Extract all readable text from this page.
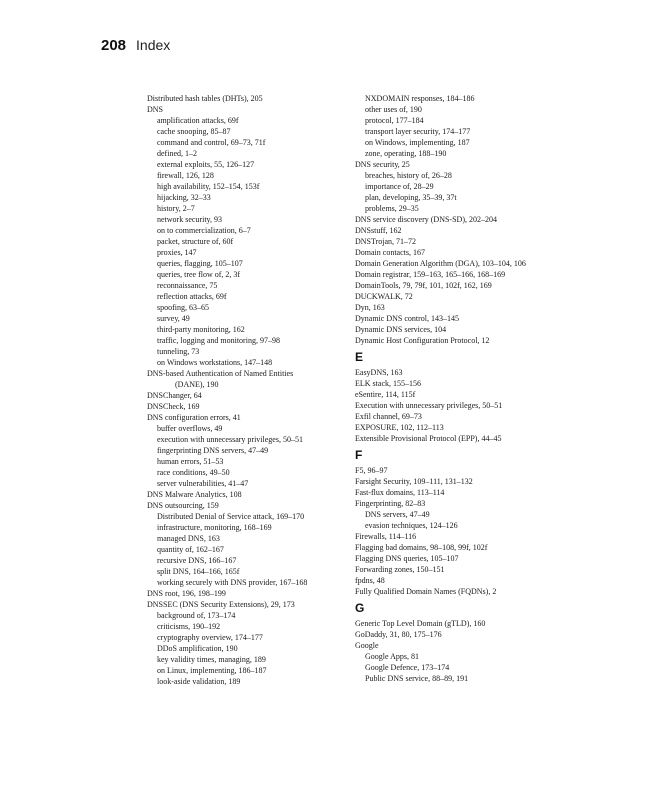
208 Index
Distributed hash tables (DHTs), 205
DNS
amplification attacks, 69f
cache snooping, 85–87
command and control, 69–73, 71f
defined, 1–2
external exploits, 55, 126–127
firewall, 126, 128
high availability, 152–154, 153f
hijacking, 32–33
history, 2–7
network security, 93
on to commercialization, 6–7
packet, structure of, 60f
proxies, 147
queries, flagging, 105–107
queries, tree flow of, 2, 3f
reconnaissance, 75
reflection attacks, 69f
spoofing, 63–65
survey, 49
third-party monitoring, 162
traffic, logging and monitoring, 97–98
tunneling, 73
on Windows workstations, 147–148
DNS-based Authentication of Named Entities
(DANE), 190
DNSChanger, 64
DNSCheck, 169
DNS configuration errors, 41
buffer overflows, 49
execution with unnecessary privileges, 50–51
fingerprinting DNS servers, 47–49
human errors, 51–53
race conditions, 49–50
server vulnerabilities, 41–47
DNS Malware Analytics, 108
DNS outsourcing, 159
Distributed Denial of Service attack, 169–170
infrastructure, monitoring, 168–169
managed DNS, 163
quantity of, 162–167
recursive DNS, 166–167
split DNS, 164–166, 165f
working securely with DNS provider, 167–168
DNS root, 196, 198–199
DNSSEC (DNS Security Extensions), 29, 173
background of, 173–174
criticisms, 190–192
cryptography overview, 174–177
DDoS amplification, 190
key validity times, managing, 189
on Linux, implementing, 186–187
look-aside validation, 189
NXDOMAIN responses, 184–186
other uses of, 190
protocol, 177–184
transport layer security, 174–177
on Windows, implementing, 187
zone, operating, 188–190
DNS security, 25
breaches, history of, 26–28
importance of, 28–29
plan, developing, 35–39, 37t
problems, 29–35
DNS service discovery (DNS-SD), 202–204
DNSstuff, 162
DNSTrojan, 71–72
Domain contacts, 167
Domain Generation Algorithm (DGA), 103–104, 106
Domain registrar, 159–163, 165–166, 168–169
DomainTools, 79, 79f, 101, 102f, 162, 169
DUCKWALK, 72
Dyn, 163
Dynamic DNS control, 143–145
Dynamic DNS services, 104
Dynamic Host Configuration Protocol, 12
E
EasyDNS, 163
ELK stack, 155–156
eSentire, 114, 115f
Execution with unnecessary privileges, 50–51
Exfil channel, 69–73
EXPOSURE, 102, 112–113
Extensible Provisional Protocol (EPP), 44–45
F
F5, 96–97
Farsight Security, 109–111, 131–132
Fast-flux domains, 113–114
Fingerprinting, 82–83
DNS servers, 47–49
evasion techniques, 124–126
Firewalls, 114–116
Flagging bad domains, 98–108, 99f, 102f
Flagging DNS queries, 105–107
Forwarding zones, 150–151
fpdns, 48
Fully Qualified Domain Names (FQDNs), 2
G
Generic Top Level Domain (gTLD), 160
GoDaddy, 31, 80, 175–176
Google
Google Apps, 81
Google Defence, 173–174
Public DNS service, 88–89, 191
